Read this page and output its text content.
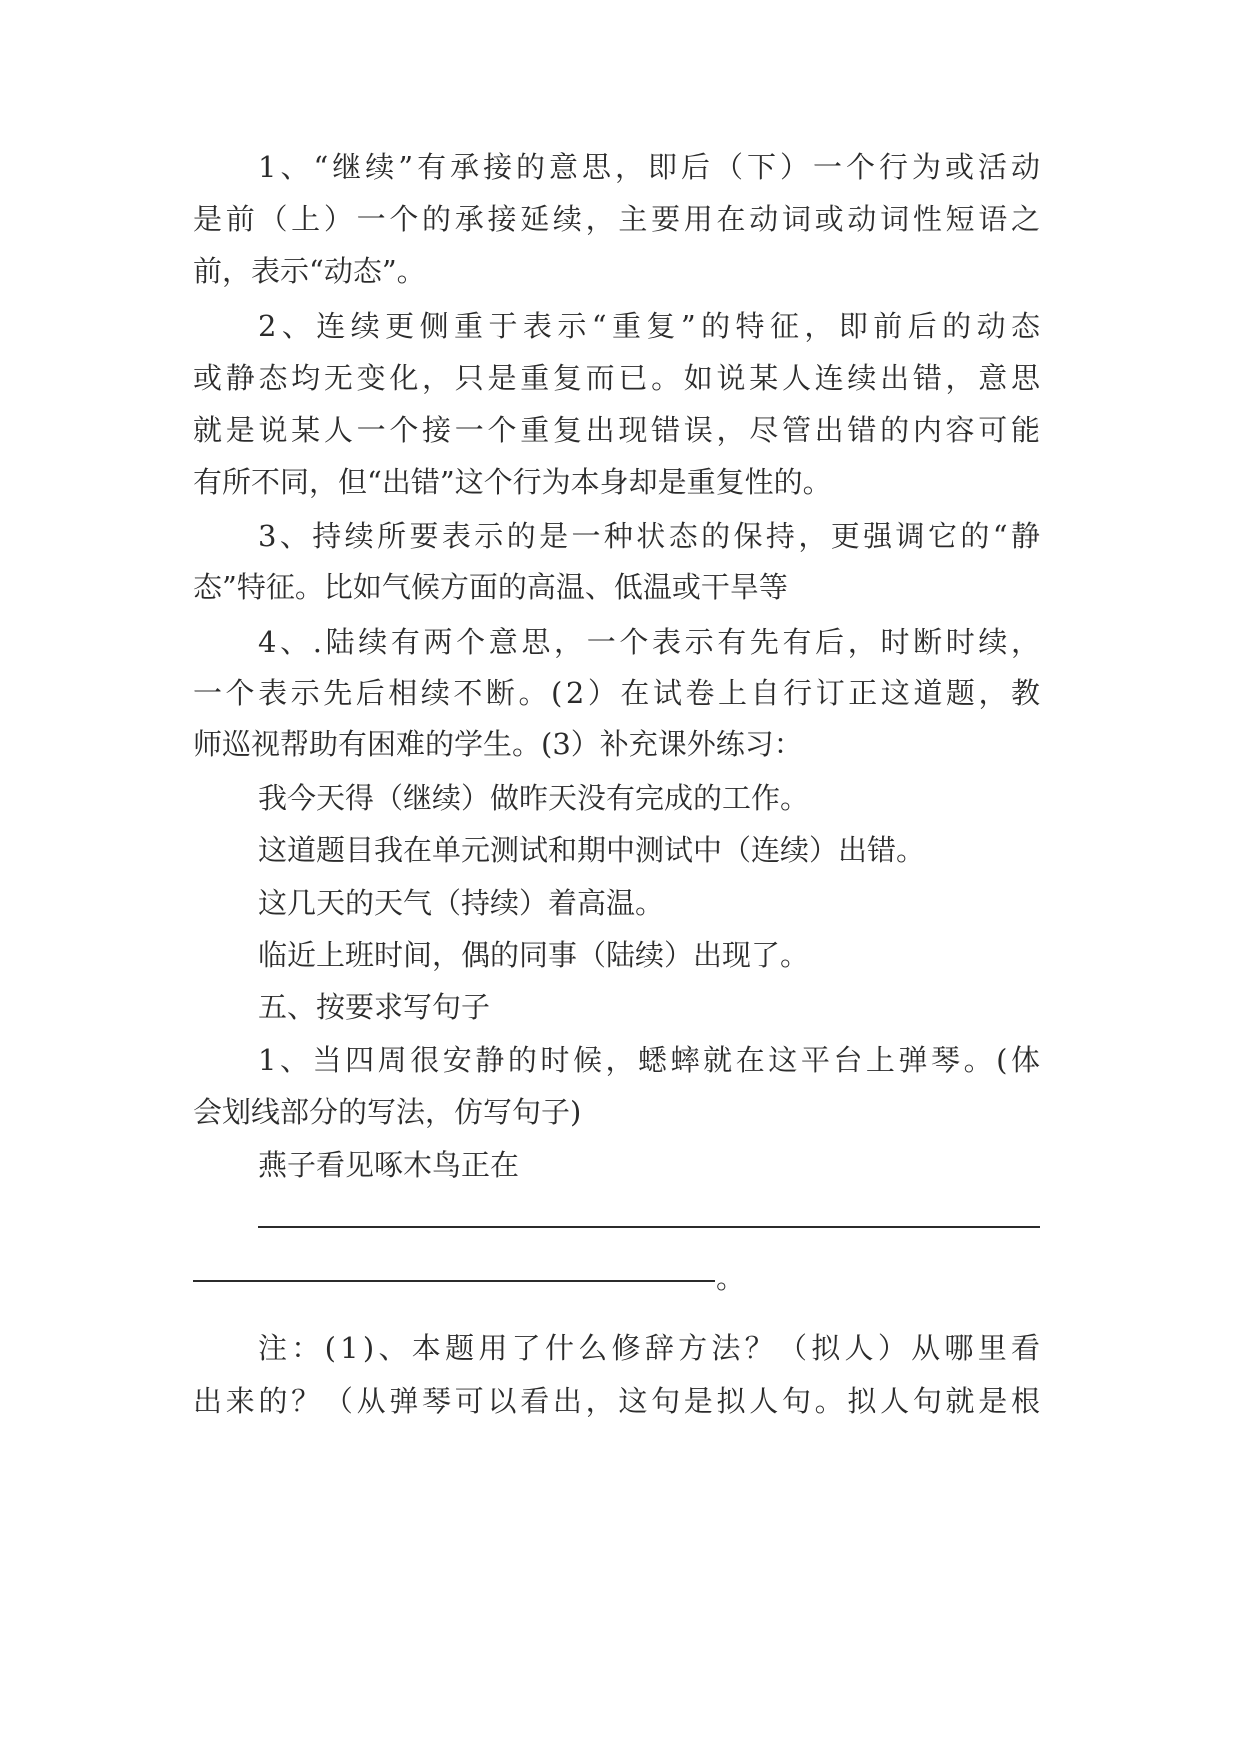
1、“继续”有承接的意思，即后（下）一个行为或活动
是前（上）一个的承接延续，主要用在动词或动词性短语之
前，表示“动态”。
2、连续更侧重于表示“重复”的特征，即前后的动态
或静态均无变化，只是重复而已。如说某人连续出错，意思
就是说某人一个接一个重复出现错误，尽管出错的内容可能
有所不同，但“出错”这个行为本身却是重复性的。
3、持续所要表示的是一种状态的保持，更强调它的“静
态”特征。比如气候方面的高温、低温或干旱等
4、.陆续有两个意思，一个表示有先有后，时断时续，
一个表示先后相续不断。(2）在试卷上自行订正这道题，教
师巡视帮助有困难的学生。(3）补充课外练习：
我今天得（继续）做昨天没有完成的工作。
这道题目我在单元测试和期中测试中（连续）出错。
这几天的天气（持续）着高温。
临近上班时间，偶的同事（陆续）出现了。
五、按要求写句子
1、当四周很安静的时候，蟋蟀就在这平台上弹琴。(体
会划线部分的写法，仿写句子)
燕子看见啄木鸟正在
。
注：(1)、本题用了什么修辞方法？（拟人）从哪里看
出来的？（从弹琴可以看出，这句是拟人句。拟人句就是根
